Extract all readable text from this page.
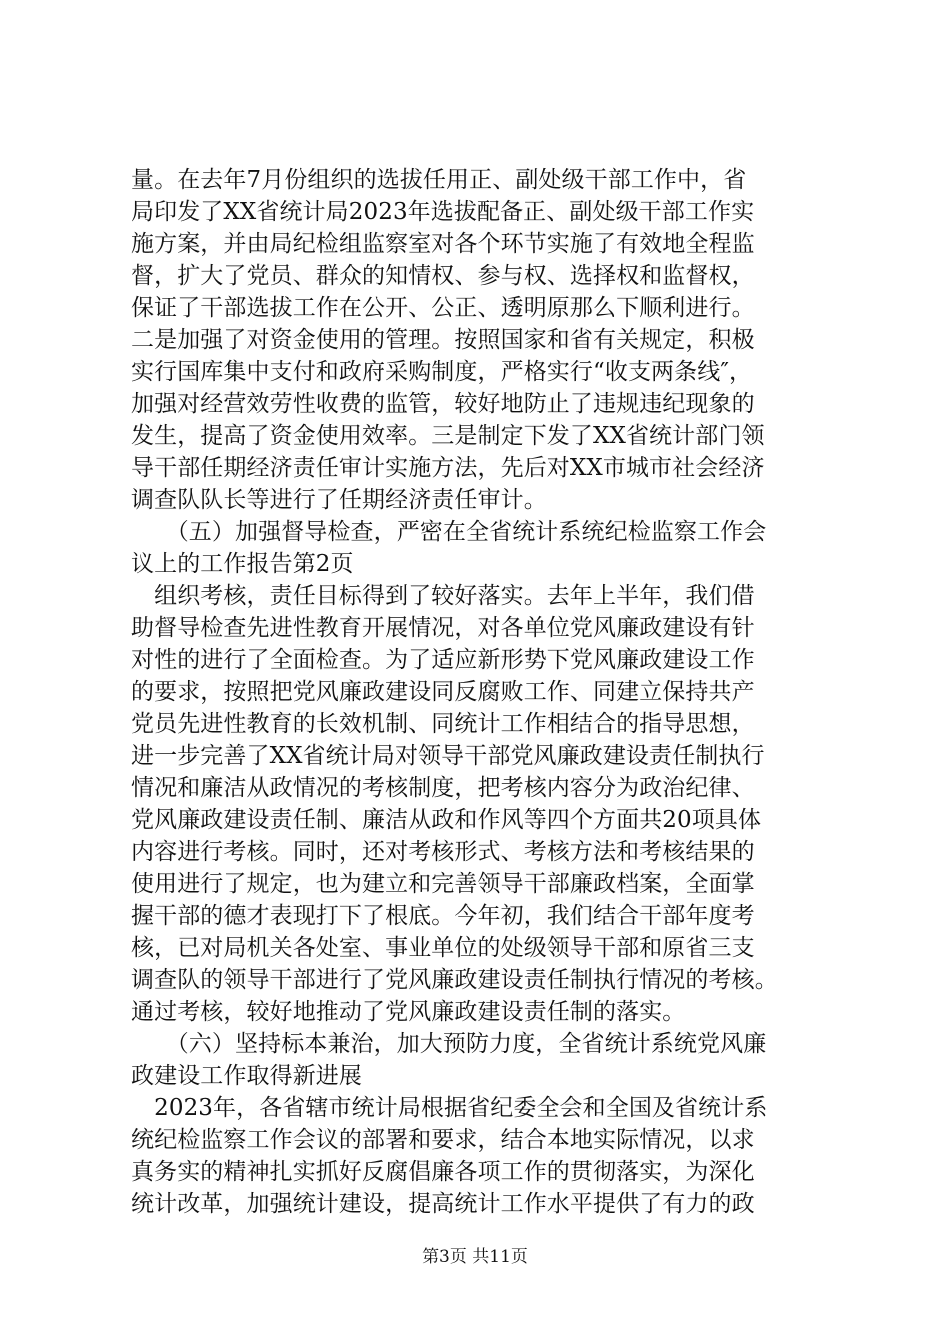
量。在去年7月份组织的选拔任用正、副处级干部工作中，省
局印发了XX省统计局2023年选拔配备正、副处级干部工作实
施方案，并由局纪检组监察室对各个环节实施了有效地全程监
督，扩大了党员、群众的知情权、参与权、选择权和监督权，
保证了干部选拔工作在公开、公正、透明原那么下顺利进行。
二是加强了对资金使用的管理。按照国家和省有关规定，积极
实行国库集中支付和政府采购制度，严格实行“收支两条线″，
加强对经营效劳性收费的监管，较好地防止了违规违纪现象的
发生，提高了资金使用效率。三是制定下发了XX省统计部门领
导干部任期经济责任审计实施方法，先后对XX市城市社会经济
调查队队长等进行了任期经济责任审计。
　　（五）加强督导检查，严密在全省统计系统纪检监察工作会
议上的工作报告第2页
　组织考核，责任目标得到了较好落实。去年上半年，我们借
助督导检查先进性教育开展情况，对各单位党风廉政建设有针
对性的进行了全面检查。为了适应新形势下党风廉政建设工作
的要求，按照把党风廉政建设同反腐败工作、同建立保持共产
党员先进性教育的长效机制、同统计工作相结合的指导思想，
进一步完善了XX省统计局对领导干部党风廉政建设责任制执行
情况和廉洁从政情况的考核制度，把考核内容分为政治纪律、
党风廉政建设责任制、廉洁从政和作风等四个方面共20项具体
内容进行考核。同时，还对考核形式、考核方法和考核结果的
使用进行了规定，也为建立和完善领导干部廉政档案，全面掌
握干部的德才表现打下了根底。今年初，我们结合干部年度考
核，已对局机关各处室、事业单位的处级领导干部和原省三支
调查队的领导干部进行了党风廉政建设责任制执行情况的考核。
通过考核，较好地推动了党风廉政建设责任制的落实。
　　（六）坚持标本兼治，加大预防力度，全省统计系统党风廉
政建设工作取得新进展
　2023年，各省辖市统计局根据省纪委全会和全国及省统计系
统纪检监察工作会议的部署和要求，结合本地实际情况，以求
真务实的精神扎实抓好反腐倡廉各项工作的贯彻落实，为深化
统计改革，加强统计建设，提高统计工作水平提供了有力的政
第3页 共11页
